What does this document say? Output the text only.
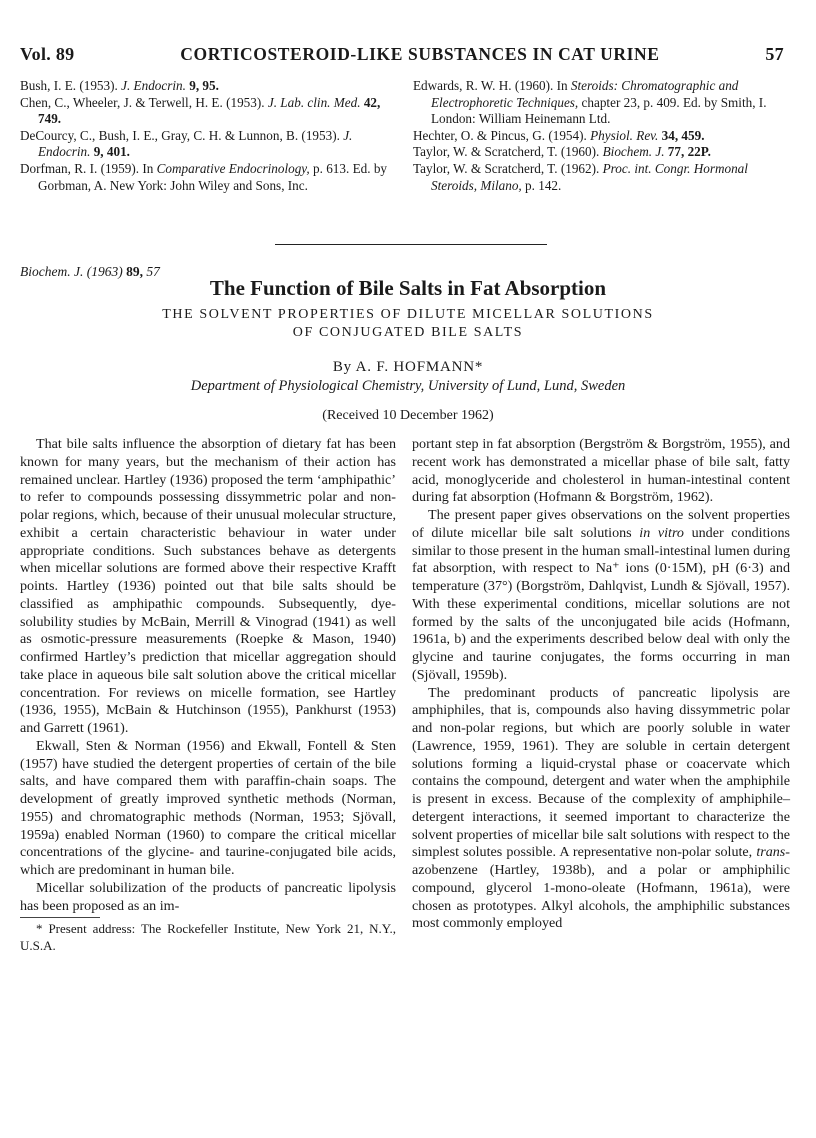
Vol. 89	CORTICOSTEROID-LIKE SUBSTANCES IN CAT URINE	57

Bush, I. E. (1953). J. Endocrin. 9, 95.

Chen, C., Wheeler, J. & Terwell, H. E. (1953). J. Lab. clin. Med. 42, 749.

DeCourcy, C., Bush, I. E., Gray, C. H. & Lunnon, B. (1953). J. Endocrin. 9, 401.

Dorfman, R. I. (1959). In Comparative Endocrinology, p. 613. Ed. by Gorbman, A. New York: John Wiley and Sons, Inc.

Edwards, R. W. H. (1960). In Steroids: Chromatographic and Electrophoretic Techniques, chapter 23, p. 409. Ed. by Smith, I. London: William Heinemann Ltd.

Hechter, O. & Pincus, G. (1954). Physiol. Rev. 34, 459.

Taylor, W. & Scratcherd, T. (1960). Biochem. J. 77, 22P.

Taylor, W. & Scratcherd, T. (1962). Proc. int. Congr. Hormonal Steroids, Milano, p. 142.

Biochem. J. (1963) 89, 57
The Function of Bile Salts in Fat Absorption
THE SOLVENT PROPERTIES OF DILUTE MICELLAR SOLUTIONS
OF CONJUGATED BILE SALTS
By A. F. HOFMANN*
Department of Physiological Chemistry, University of Lund, Lund, Sweden
(Received 10 December 1962)

That bile salts influence the absorption of dietary fat has been known for many years, but the mechanism of their action has remained unclear. Hartley (1936) proposed the term ‘amphipathic’ to refer to compounds possessing dissymmetric polar and non-polar regions, which, because of their unusual molecular structure, exhibit a certain characteristic behaviour in water under appropriate conditions. Such substances behave as detergents when micellar solutions are formed above their respective Krafft points. Hartley (1936) pointed out that bile salts should be classified as amphipathic compounds. Subsequently, dye-solubility studies by McBain, Merrill & Vinograd (1941) as well as osmotic-pressure measurements (Roepke & Mason, 1940) confirmed Hartley’s prediction that micellar aggregation should take place in aqueous bile salt solution above the critical micellar concentration. For reviews on micelle formation, see Hartley (1936, 1955), McBain & Hutchinson (1955), Pankhurst (1953) and Garrett (1961).

Ekwall, Sten & Norman (1956) and Ekwall, Fontell & Sten (1957) have studied the detergent properties of certain of the bile salts, and have compared them with paraffin-chain soaps. The development of greatly improved synthetic methods (Norman, 1955) and chromatographic methods (Norman, 1953; Sjövall, 1959a) enabled Norman (1960) to compare the critical micellar concentrations of the glycine- and taurine-conjugated bile acids, which are predominant in human bile.

Micellar solubilization of the products of pancreatic lipolysis has been proposed as an im-

* Present address: The Rockefeller Institute, New York 21, N.Y., U.S.A.

portant step in fat absorption (Bergström & Borgström, 1955), and recent work has demonstrated a micellar phase of bile salt, fatty acid, monoglyceride and cholesterol in human-intestinal content during fat absorption (Hofmann & Borgström, 1962).

The present paper gives observations on the solvent properties of dilute micellar bile salt solutions in vitro under conditions similar to those present in the human small-intestinal lumen during fat absorption, with respect to Na⁺ ions (0·15M), pH (6·3) and temperature (37°) (Borgström, Dahlqvist, Lundh & Sjövall, 1957). With these experimental conditions, micellar solutions are not formed by the salts of the unconjugated bile acids (Hofmann, 1961a, b) and the experiments described below deal with only the glycine and taurine conjugates, the forms occurring in man (Sjövall, 1959b).

The predominant products of pancreatic lipolysis are amphiphiles, that is, compounds also having dissymmetric polar and non-polar regions, but which are poorly soluble in water (Lawrence, 1959, 1961). They are soluble in certain detergent solutions forming a liquid-crystal phase or coacervate which contains the compound, detergent and water when the amphiphile is present in excess. Because of the complexity of amphiphile–detergent interactions, it seemed important to characterize the solvent properties of micellar bile salt solutions with respect to the simplest solutes possible. A representative non-polar solute, trans-azobenzene (Hartley, 1938b), and a polar or amphiphilic compound, glycerol 1-mono-oleate (Hofmann, 1961a), were chosen as prototypes. Alkyl alcohols, the amphiphilic substances most commonly employed
